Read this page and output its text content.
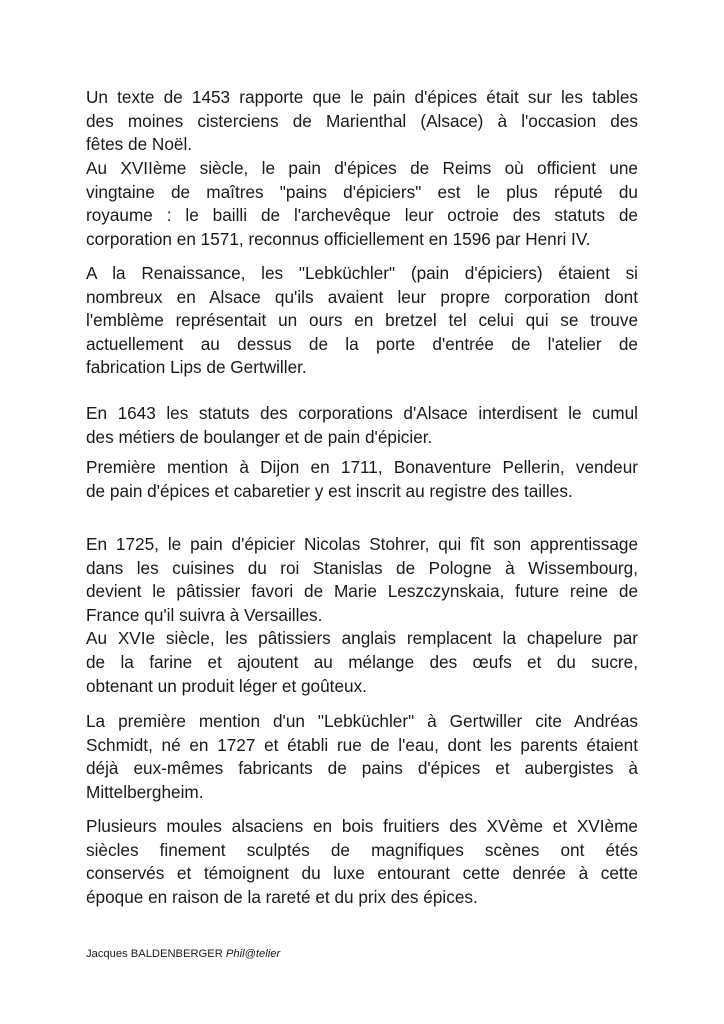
Un texte de 1453 rapporte que le pain d'épices était sur les tables
des moines cisterciens de Marienthal (Alsace) à l'occasion des
fêtes de Noël.

Au XVIIème siècle, le pain d'épices de Reims où officient une
vingtaine de maîtres "pains d'épiciers" est le plus réputé du
royaume : le bailli de l'archevêque leur octroie des statuts de
corporation en 1571, reconnus officiellement en 1596 par Henri IV.

A la Renaissance, les "Lebküchler" (pain d'épiciers) étaient si
nombreux en Alsace qu'ils avaient leur propre corporation dont
l'emblème représentait un ours en bretzel tel celui qui se trouve
actuellement au dessus de la porte d'entrée de l'atelier de
fabrication Lips de Gertwiller.

En 1643 les statuts des corporations d'Alsace interdisent le cumul
des métiers de boulanger et de pain d'épicier.

Première mention à Dijon en 1711, Bonaventure Pellerin, vendeur
de pain d'épices et cabaretier y est inscrit au registre des tailles.

En 1725, le pain d'épicier Nicolas Stohrer, qui fît son apprentissage
dans les cuisines du roi Stanislas de Pologne à Wissembourg,
devient le pâtissier favori de Marie Leszczynskaia, future reine de
France qu'il suivra à Versailles.
Au XVIe siècle, les pâtissiers anglais remplacent la chapelure par
de la farine et ajoutent au mélange des œufs et du sucre,
obtenant un produit léger et goûteux.

La première mention d'un "Lebküchler" à Gertwiller cite Andréas
Schmidt, né en 1727 et établi rue de l'eau, dont les parents étaient
déjà eux-mêmes fabricants de pains d'épices et aubergistes à
Mittelbergheim.

Plusieurs moules alsaciens en bois fruitiers des XVème et XVIème
siècles finement sculptés de magnifiques scènes ont étés
conservés et témoignent du luxe entourant cette denrée à cette
époque en raison de la rareté et du prix des épices.

Jacques BALDENBERGER Phil@telier
